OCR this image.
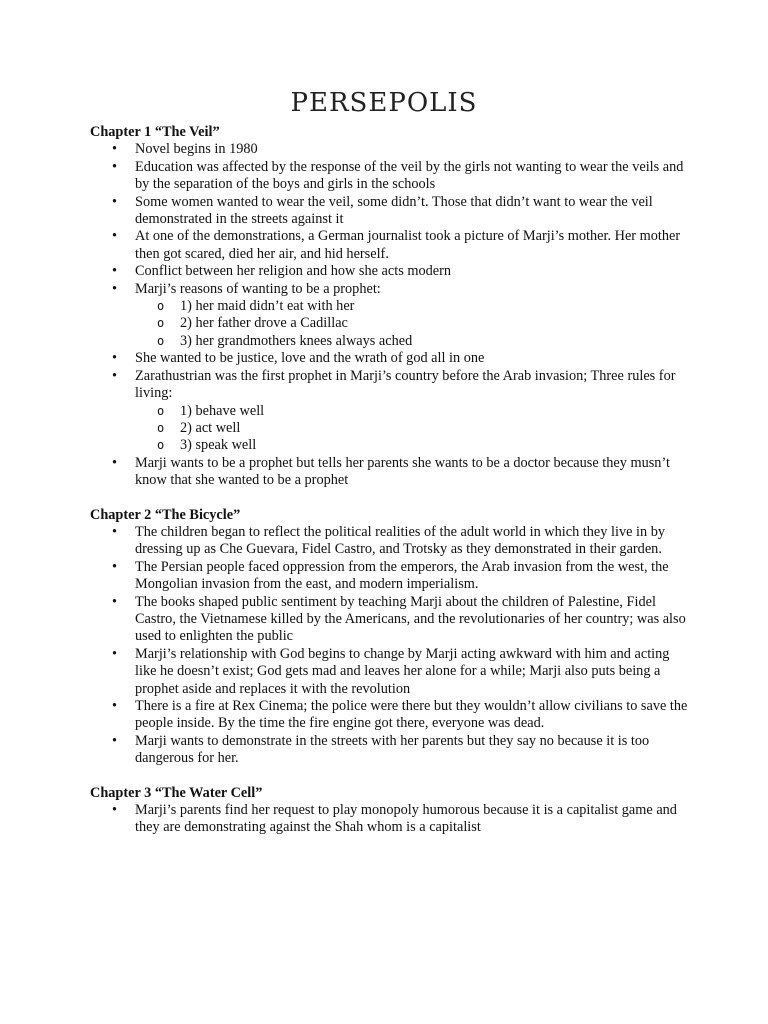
PERSEPOLIS
Chapter 1 “The Veil”
• Novel begins in 1980
• Education was affected by the response of the veil by the girls not wanting to wear the veils and by the separation of the boys and girls in the schools
• Some women wanted to wear the veil, some didn’t. Those that didn’t want to wear the veil demonstrated in the streets against it
• At one of the demonstrations, a German journalist took a picture of Marji’s mother. Her mother then got scared, died her air, and hid herself.
• Conflict between her religion and how she acts modern
• Marji’s reasons of wanting to be a prophet:
o 1) her maid didn’t eat with her
o 2) her father drove a Cadillac
o 3) her grandmothers knees always ached
• She wanted to be justice, love and the wrath of god all in one
• Zarathustrian was the first prophet in Marji’s country before the Arab invasion; Three rules for living:
o 1) behave well
o 2) act well
o 3) speak well
• Marji wants to be a prophet but tells her parents she wants to be a doctor because they musn’t know that she wanted to be a prophet
Chapter 2 “The Bicycle”
• The children began to reflect the political realities of the adult world in which they live in by dressing up as Che Guevara, Fidel Castro, and Trotsky as they demonstrated in their garden.
• The Persian people faced oppression from the emperors, the Arab invasion from the west, the Mongolian invasion from the east, and modern imperialism.
• The books shaped public sentiment by teaching Marji about the children of Palestine, Fidel Castro, the Vietnamese killed by the Americans, and the revolutionaries of her country; was also used to enlighten the public
• Marji’s relationship with God begins to change by Marji acting awkward with him and acting like he doesn’t exist; God gets mad and leaves her alone for a while; Marji also puts being a prophet aside and replaces it with the revolution
• There is a fire at Rex Cinema; the police were there but they wouldn’t allow civilians to save the people inside. By the time the fire engine got there, everyone was dead.
• Marji wants to demonstrate in the streets with her parents but they say no because it is too dangerous for her.
Chapter 3 “The Water Cell”
• Marji’s parents find her request to play monopoly humorous because it is a capitalist game and they are demonstrating against the Shah whom is a capitalist
